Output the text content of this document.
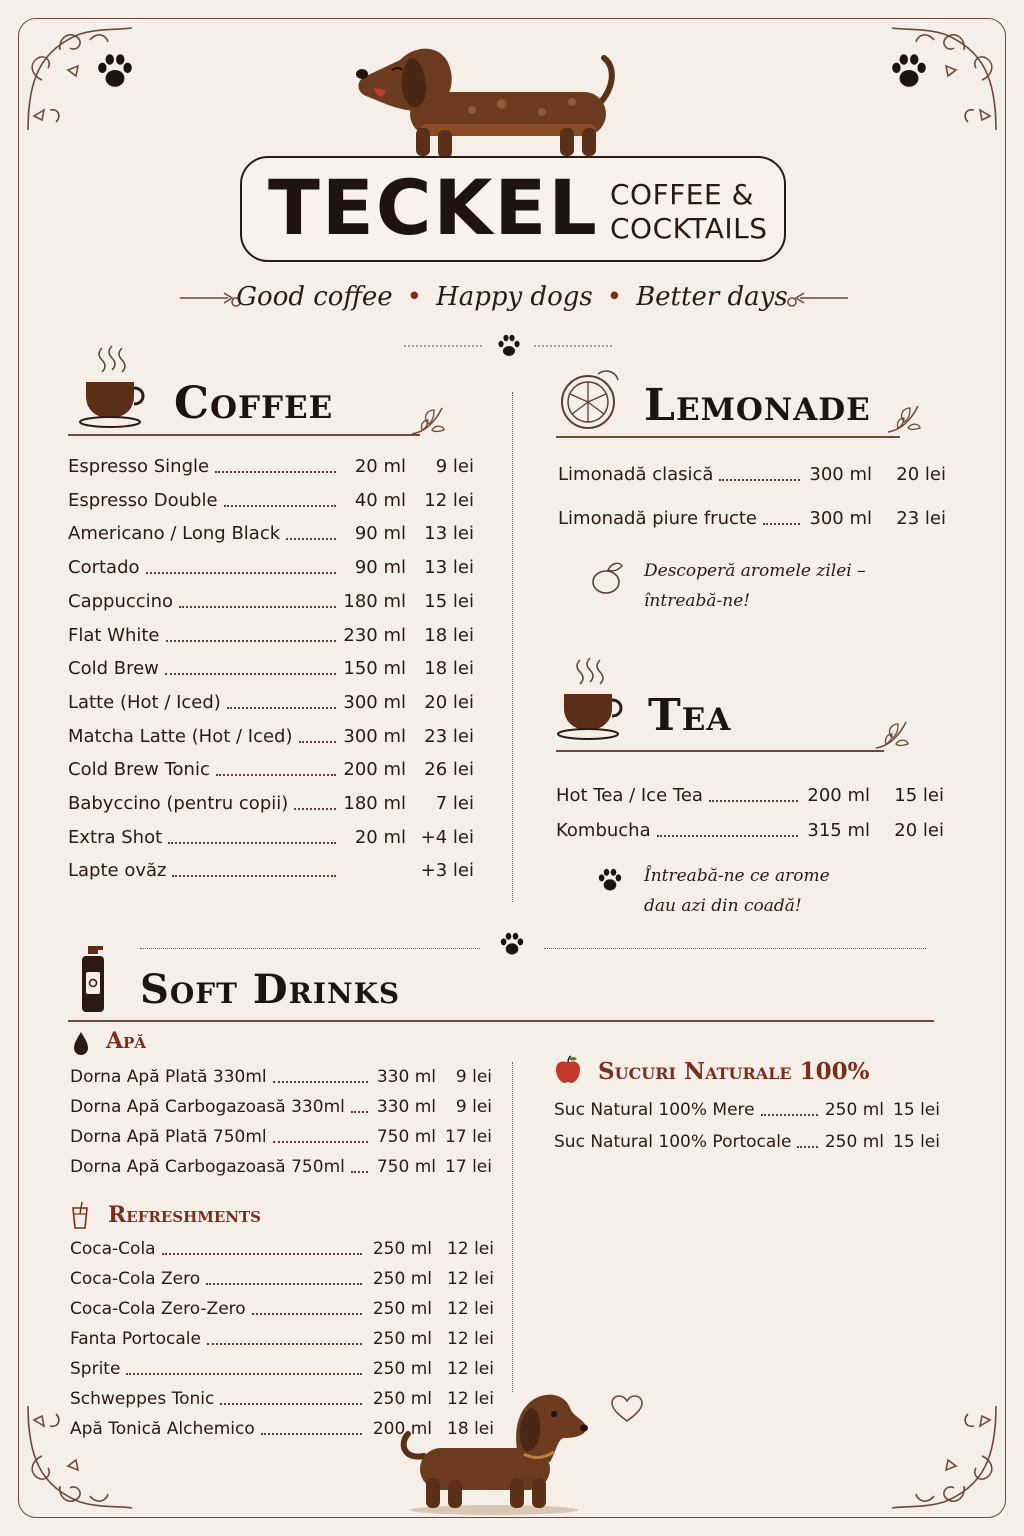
TECKEL COFFEE &
COCKTAILS
Good coffee • Happy dogs • Better days
Coffee
Espresso Single	20 ml 9 lei
Espresso Double	40 ml 12 lei
Americano / Long Black	90 ml 13 lei
Cortado	90 ml 13 lei
Cappuccino	180 ml 15 lei
Flat White	230 ml 18 lei
Cold Brew	150 ml 18 lei
Latte (Hot / Iced)	300 ml 20 lei
Matcha Latte (Hot / Iced)	300 ml 23 lei
Cold Brew Tonic	200 ml 26 lei
Babyccino (pentru copii)	180 ml 7 lei
Extra Shot	20 ml +4 lei
Lapte ovăz	+3 lei
Lemonade
Limonadă clasică	300 ml 20 lei
Limonadă piure fructe	300 ml 23 lei
Descoperă aromele zilei –
întreabă-ne!
Tea
Hot Tea / Ice Tea	200 ml 15 lei
Kombucha	315 ml 20 lei
Întreabă-ne ce arome
dau azi din coadă!
Soft Drinks
Apă
Dorna Apă Plată 330ml	330 ml 9 lei
Dorna Apă Carbogazoasă 330ml 330 ml 9 lei
Dorna Apă Plată 750ml	750 ml 17 lei
Dorna Apă Carbogazoasă 750ml 750 ml 17 lei
Refreshments
Coca-Cola	250 ml 12 lei
Coca-Cola Zero	250 ml 12 lei
Coca-Cola Zero-Zero	250 ml 12 lei
Fanta Portocale	250 ml 12 lei
Sprite	250 ml 12 lei
Schweppes Tonic	250 ml 12 lei
Apă Tonică Alchemico	200 ml 18 lei
Sucuri Naturale 100%
Suc Natural 100% Mere	250 ml 15 lei
Suc Natural 100% Portocale 250 ml 15 lei
